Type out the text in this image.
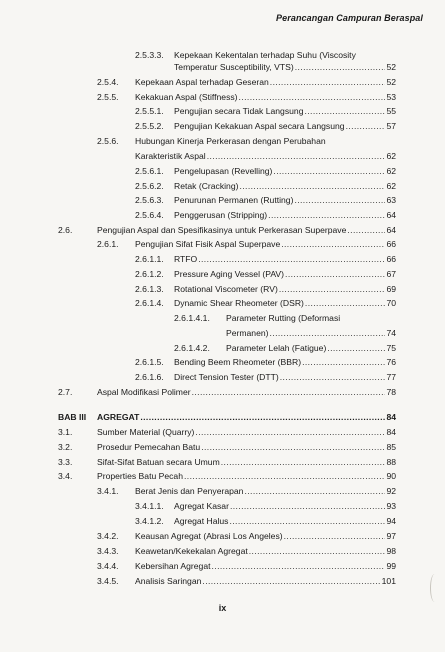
Perancangan Campuran Beraspal
2.5.3.3. Kepekaan Kekentalan terhadap Suhu (Viscosity
Temperatur Susceptibility, VTS) .....	52
2.5.4. Kepekaan Aspal terhadap Geseran .....	52
2.5.5. Kekakuan Aspal (Stiffness) .....	53
2.5.5.1. Pengujian secara Tidak Langsung .....	55
2.5.5.2. Pengujian Kekakuan Aspal secara Langsung .....	57
2.5.6. Hubungan Kinerja Perkerasan dengan Perubahan
Karakteristik Aspal .....	62
2.5.6.1. Pengelupasan (Revelling) .....	62
2.5.6.2. Retak (Cracking) .....	62
2.5.6.3. Penurunan Permanen (Rutting) .....	63
2.5.6.4. Penggerusan (Stripping) .....	64
2.6.	Pengujian Aspal dan Spesifikasinya untuk Perkerasan Superpave .....	64
2.6.1. Pengujian Sifat Fisik Aspal Superpave .....	66
2.6.1.1. RTFO .....	66
2.6.1.2. Pressure Aging Vessel (PAV) .....	67
2.6.1.3. Rotational Viscometer (RV) .....	69
2.6.1.4. Dynamic Shear Rheometer (DSR) .....	70
2.6.1.4.1. Parameter Rutting (Deformasi
Permanen) .....	74
2.6.1.4.2. Parameter Lelah (Fatigue) .....	75
2.6.1.5. Bending Beem Rheometer (BBR) .....	76
2.6.1.6. Direct Tension Tester (DTT) .....	77
2.7.	Aspal Modifikasi Polimer .....	78
BAB III AGREGAT .....	84
3.1.	Sumber Material (Quarry) .....	84
3.2.	Prosedur Pemecahan Batu .....	85
3.3.	Sifat-Sifat Batuan secara Umum .....	88
3.4.	Properties Batu Pecah .....	90
3.4.1. Berat Jenis dan Penyerapan .....	92
3.4.1.1. Agregat Kasar .....	93
3.4.1.2. Agregat Halus .....	94
3.4.2. Keausan Agregat (Abrasi Los Angeles) .....	97
3.4.3. Keawetan/Kekekalan Agregat .....	98
3.4.4. Kebersihan Agregat .....	99
3.4.5. Analisis Saringan .....	101
ix
